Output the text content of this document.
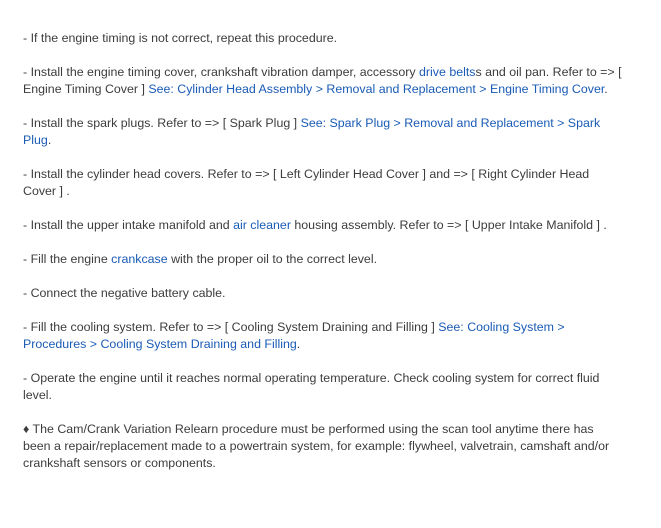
- If the engine timing is not correct, repeat this procedure.

- Install the engine timing cover, crankshaft vibration damper, accessory drive beltss and oil pan. Refer to => [ Engine Timing Cover ] See: Cylinder Head Assembly > Removal and Replacement > Engine Timing Cover.

- Install the spark plugs. Refer to => [ Spark Plug ] See: Spark Plug > Removal and Replacement > Spark Plug.

- Install the cylinder head covers. Refer to => [ Left Cylinder Head Cover ] and => [ Right Cylinder Head Cover ] .

- Install the upper intake manifold and air cleaner housing assembly. Refer to => [ Upper Intake Manifold ] .

- Fill the engine crankcase with the proper oil to the correct level.

- Connect the negative battery cable.

- Fill the cooling system. Refer to => [ Cooling System Draining and Filling ] See: Cooling System > Procedures > Cooling System Draining and Filling.

- Operate the engine until it reaches normal operating temperature. Check cooling system for correct fluid level.

♦ The Cam/Crank Variation Relearn procedure must be performed using the scan tool anytime there has been a repair/replacement made to a powertrain system, for example: flywheel, valvetrain, camshaft and/or crankshaft sensors or components.
